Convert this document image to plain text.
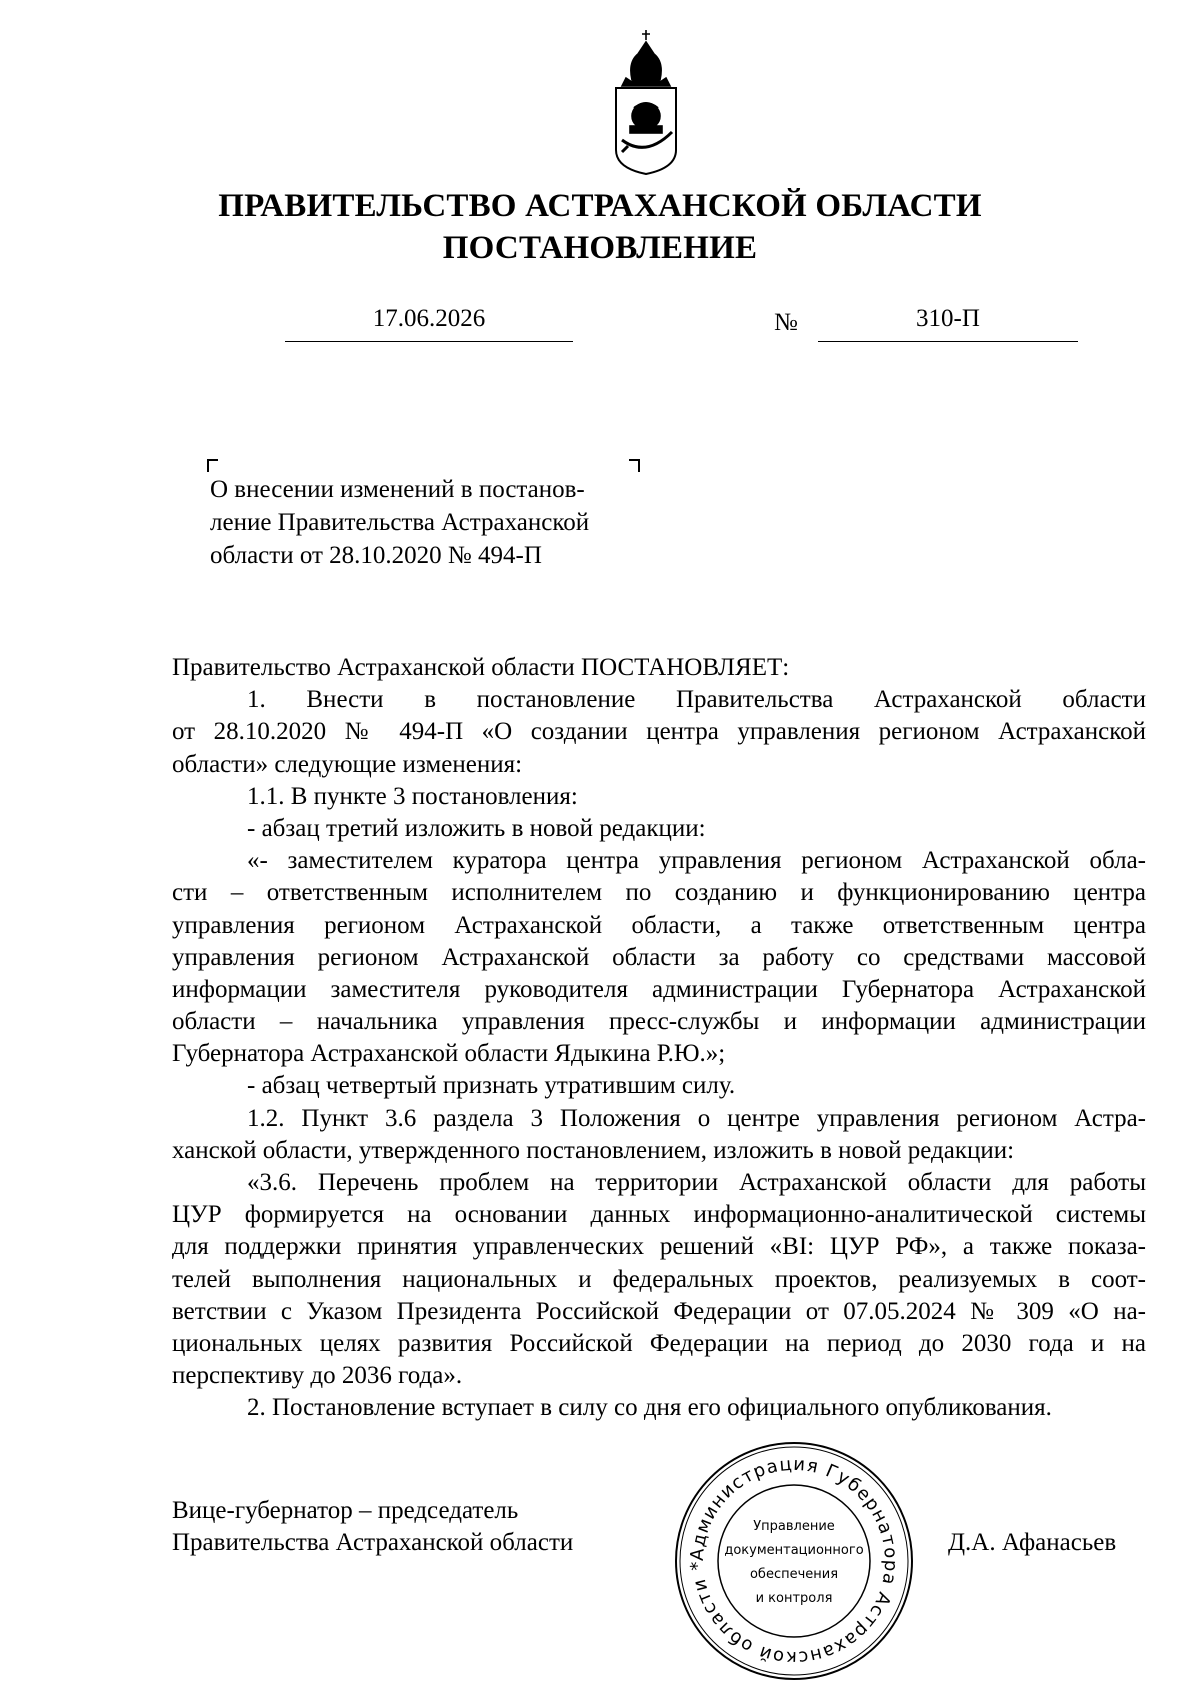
ПРАВИТЕЛЬСТВО АСТРАХАНСКОЙ ОБЛАСТИ
ПОСТАНОВЛЕНИЕ
17.06.2026	№	310-П
О внесении изменений в постанов-
ление Правительства Астраханской
области от 28.10.2020 № 494-П
Правительство Астраханской области ПОСТАНОВЛЯЕТ:
1. Внести в постановление Правительства Астраханской области
от 28.10.2020 № 494-П «О создании центра управления регионом Астраханской
области» следующие изменения:
1.1. В пункте 3 постановления:
- абзац третий изложить в новой редакции:
«- заместителем куратора центра управления регионом Астраханской обла-
сти – ответственным исполнителем по созданию и функционированию центра
управления регионом Астраханской области, а также ответственным центра
управления регионом Астраханской области за работу со средствами массовой
информации заместителя руководителя администрации Губернатора Астраханской
области – начальника управления пресс-службы и информации администрации
Губернатора Астраханской области Ядыкина Р.Ю.»;
- абзац четвертый признать утратившим силу.
1.2. Пункт 3.6 раздела 3 Положения о центре управления регионом Астра-
ханской области, утвержденного постановлением, изложить в новой редакции:
«3.6. Перечень проблем на территории Астраханской области для работы
ЦУР формируется на основании данных информационно-аналитической системы
для поддержки принятия управленческих решений «BI: ЦУР РФ», а также показа-
телей выполнения национальных и федеральных проектов, реализуемых в соот-
ветствии с Указом Президента Российской Федерации от 07.05.2024 № 309 «О на-
циональных целях развития Российской Федерации на период до 2030 года и на
перспективу до 2036 года».
2. Постановление вступает в силу со дня его официального опубликования.
Вице-губернатор – председатель
Правительства Астраханской области	Д.А. Афанасьев
Администрация Губернатора Астраханской области *
Управление
документационного
обеспечения
и контроля
